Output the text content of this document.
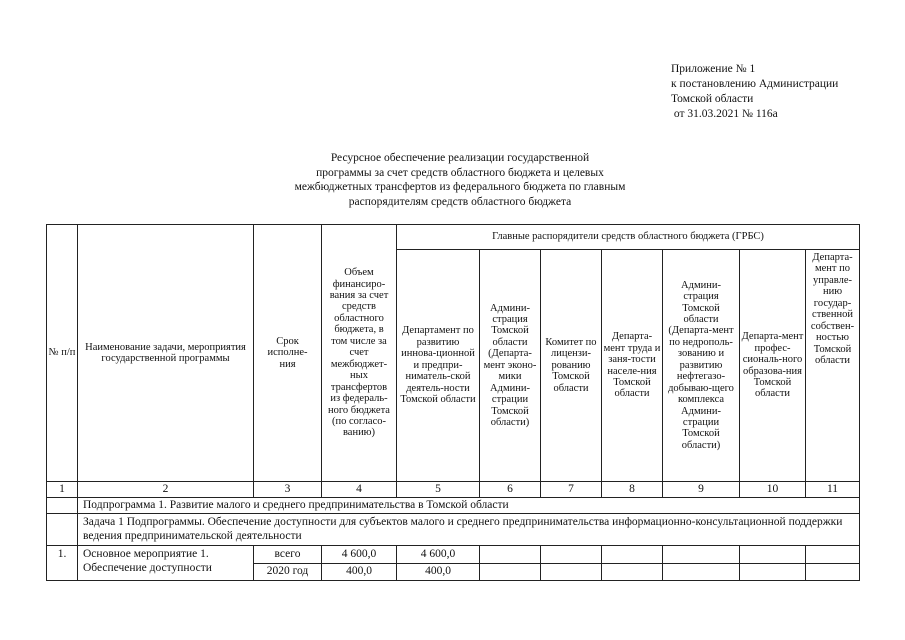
Приложение № 1
к постановлению Администрации
Томской области
от 31.03.2021 № 116а
Ресурсное обеспечение реализации государственной
программы за счет средств областного бюджета и целевых
межбюджетных трансфертов из федерального бюджета по главным
распорядителям средств областного бюджета
№ п/п	Наименование задачи, мероприятия государственной программы	Срок исполне-ния	Объем финансиро-вания за счет средств областного бюджета, в том числе за счет межбюджет-ных трансфертов из федераль-ного бюджета (по согласо-ванию)	Главные распорядители средств областного бюджета (ГРБС)						
				Департамент по развитию иннова-ционной и предпри-ниматель-ской деятель-ности Томской области	Админи-страция Томской области (Департа-мент эконо-мики Админи-страции Томской области)	Комитет по лицензи-рованию Томской области	Департа-мент труда и заня-тости населе-ния Томской области	Админи-страция Томской области (Департа-мент по недрополь-зованию и развитию нефтегазо-добываю-щего комплекса Админи-страции Томской области)	Департа-мент профес-сиональ-ного образова-ния Томской области	Департа-мент по управле-нию государ-ственной собствен-ностью Томской области
1	2	3	4	5	6	7	8	9	10	11
	Подпрограмма 1. Развитие малого и среднего предпринимательства в Томской области									
	Задача 1 Подпрограммы. Обеспечение доступности для субъектов малого и среднего предпринимательства информационно-консультационной поддержки ведения предпринимательской деятельности									
1.	Основное мероприятие 1. Обеспечение доступности	всего	4 600,0	4 600,0						
		2020 год	400,0	400,0						
